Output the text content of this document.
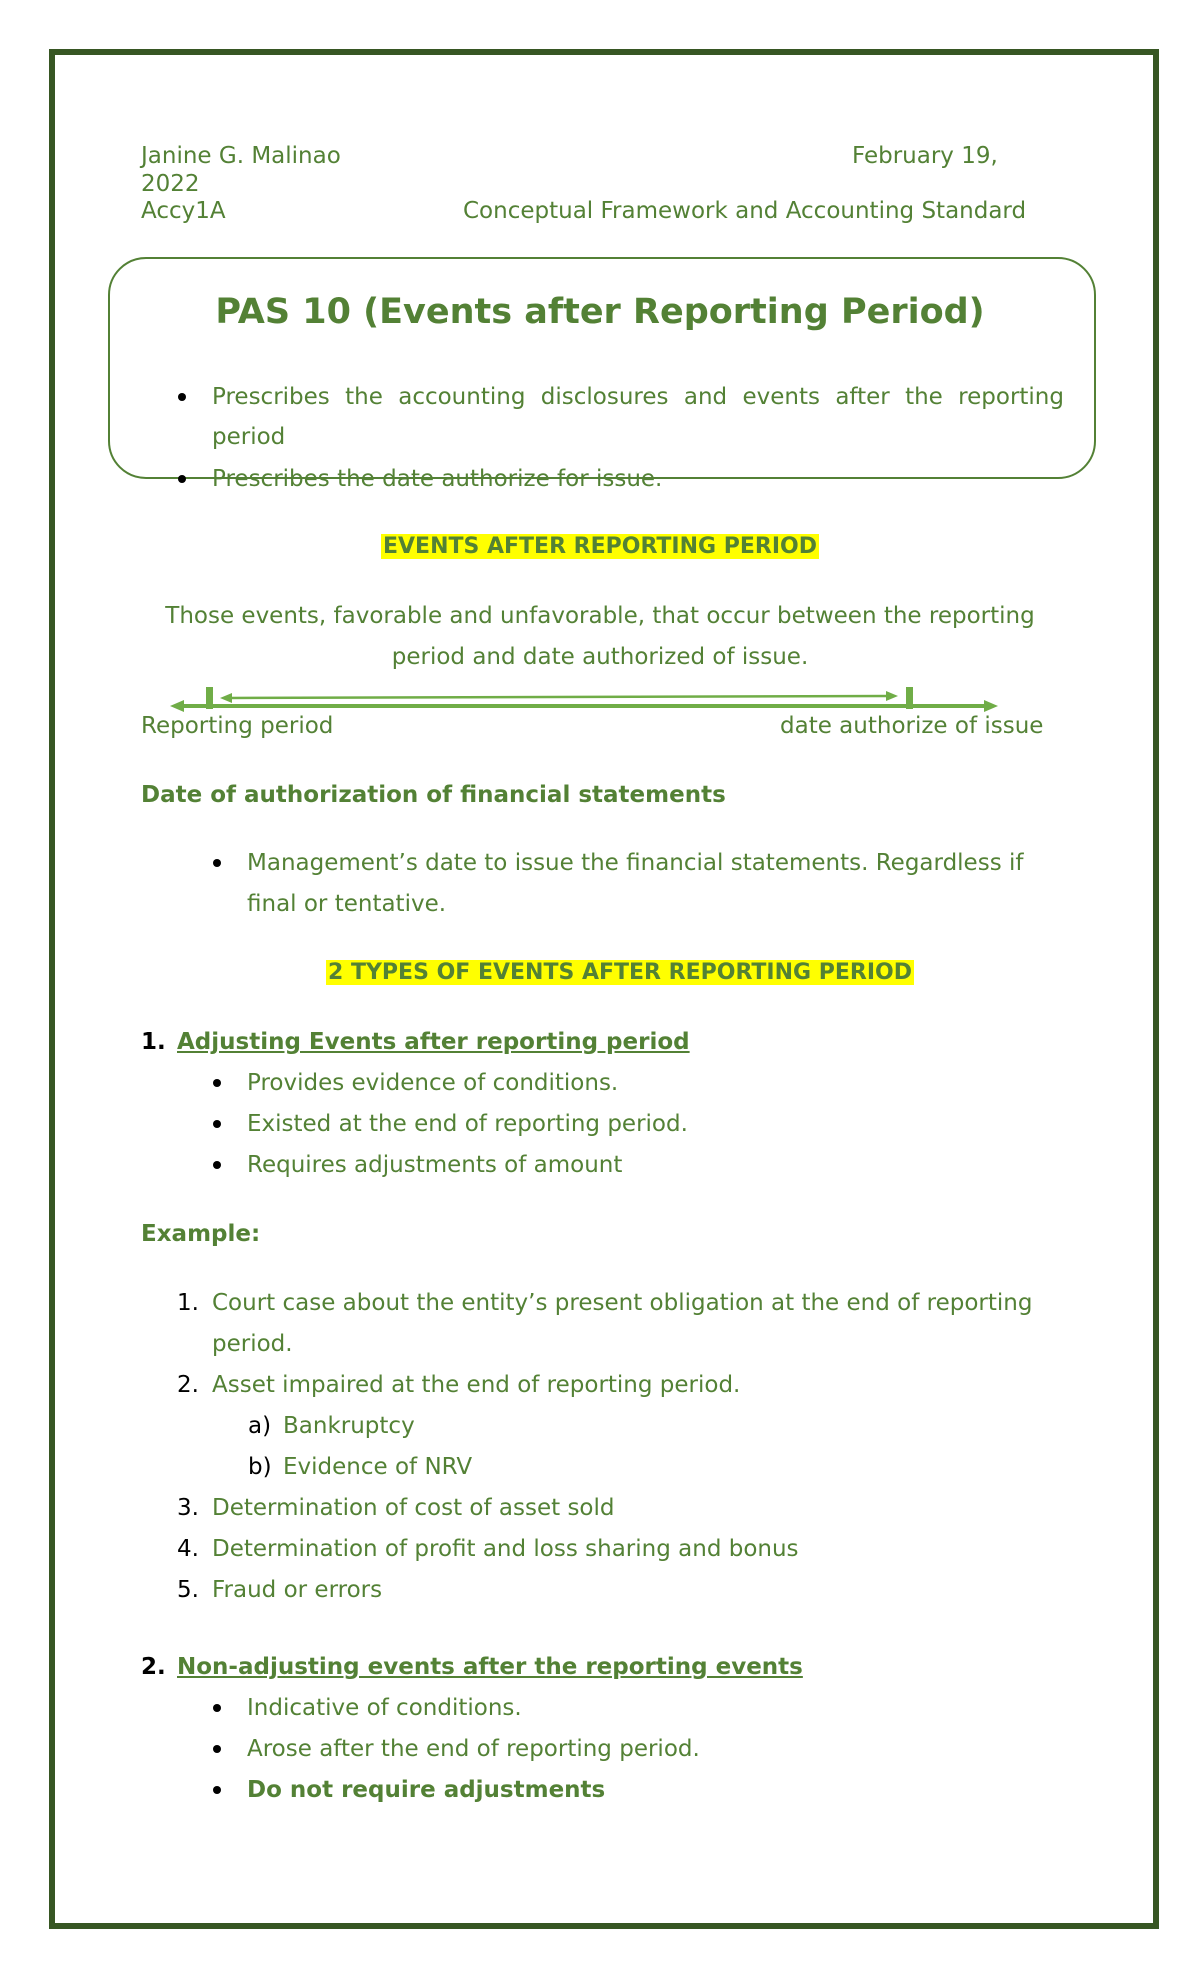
Janine G. Malinao	February 19,
2022
Accy1A	Conceptual Framework and Accounting Standard
PAS 10 (Events after Reporting Period)
Prescribes the accounting disclosures and events after the reporting
period
Prescribes the date authorize for issue.
EVENTS AFTER REPORTING PERIOD
Those events, favorable and unfavorable, that occur between the reporting
period and date authorized of issue.
Reporting period	date authorize of issue
Date of authorization of financial statements
Management’s date to issue the financial statements. Regardless if
final or tentative.
2 TYPES OF EVENTS AFTER REPORTING PERIOD
1. Adjusting Events after reporting period
Provides evidence of conditions.
Existed at the end of reporting period.
Requires adjustments of amount
Example:
1. Court case about the entity’s present obligation at the end of reporting
period.
2. Asset impaired at the end of reporting period.
a) Bankruptcy
b) Evidence of NRV
3. Determination of cost of asset sold
4. Determination of profit and loss sharing and bonus
5. Fraud or errors
2. Non-adjusting events after the reporting events
Indicative of conditions.
Arose after the end of reporting period.
Do not require adjustments
